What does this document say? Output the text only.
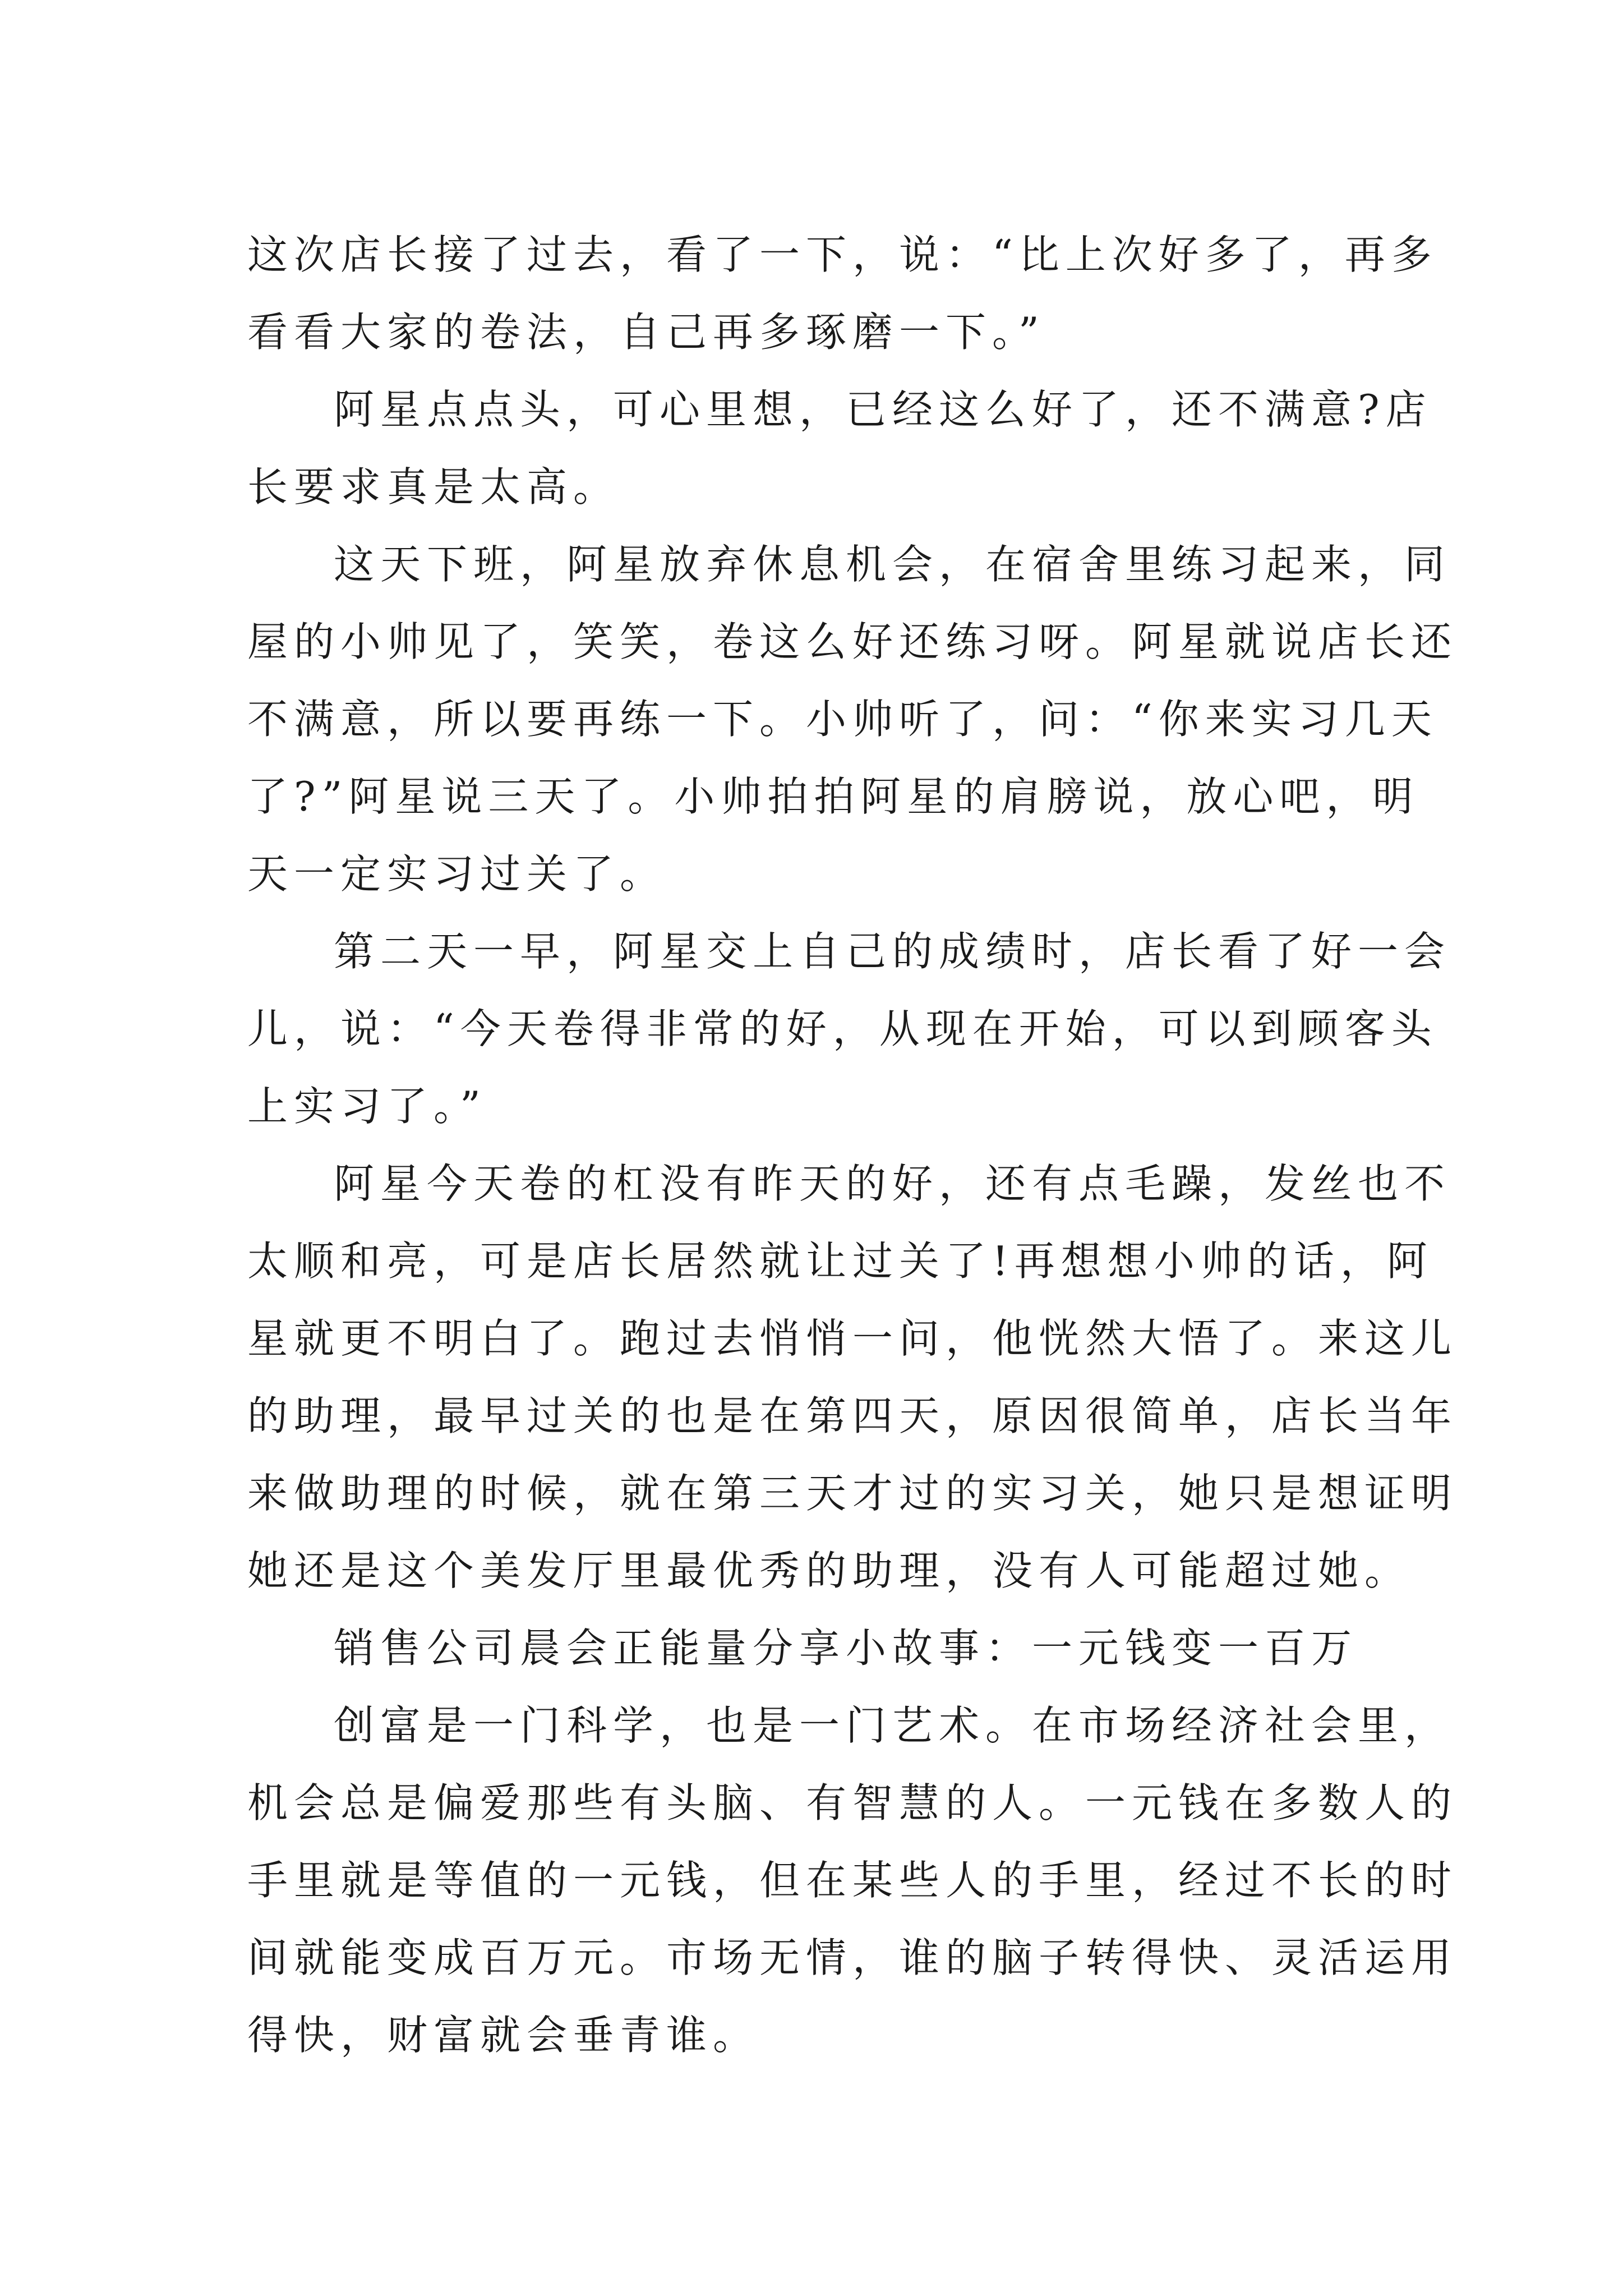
这次店长接了过去，看了一下，说：“比上次好多了，再多
看看大家的卷法，自己再多琢磨一下。”
阿星点点头，可心里想，已经这么好了，还不满意?店
长要求真是太高。
这天下班，阿星放弃休息机会，在宿舍里练习起来，同
屋的小帅见了，笑笑，卷这么好还练习呀。阿星就说店长还
不满意，所以要再练一下。小帅听了，问：“你来实习几天
了?”阿星说三天了。小帅拍拍阿星的肩膀说，放心吧，明
天一定实习过关了。
第二天一早，阿星交上自己的成绩时，店长看了好一会
儿，说：“今天卷得非常的好，从现在开始，可以到顾客头
上实习了。”
阿星今天卷的杠没有昨天的好，还有点毛躁，发丝也不
太顺和亮，可是店长居然就让过关了!再想想小帅的话，阿
星就更不明白了。跑过去悄悄一问，他恍然大悟了。来这儿
的助理，最早过关的也是在第四天，原因很简单，店长当年
来做助理的时候，就在第三天才过的实习关，她只是想证明
她还是这个美发厅里最优秀的助理，没有人可能超过她。
销售公司晨会正能量分享小故事：一元钱变一百万
创富是一门科学，也是一门艺术。在市场经济社会里，
机会总是偏爱那些有头脑、有智慧的人。一元钱在多数人的
手里就是等值的一元钱，但在某些人的手里，经过不长的时
间就能变成百万元。市场无情，谁的脑子转得快、灵活运用
得快，财富就会垂青谁。
